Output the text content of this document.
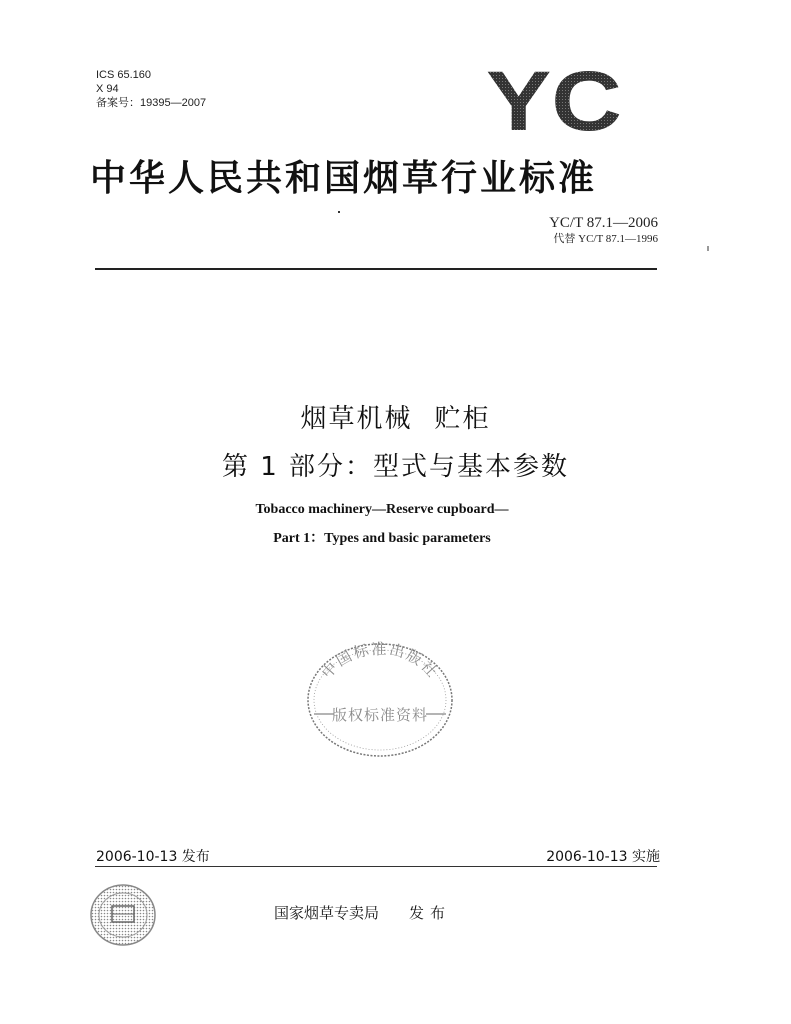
ICS 65.160
X 94
备案号：19395—2007	YC
中华人民共和国烟草行业标准
YC/T 87.1—2006
代替 YC/T 87.1—1996
烟草机械 贮柜
第 1 部分：型式与基本参数
Tobacco machinery—Reserve cupboard—
Part 1：Types and basic parameters
中国标准出版社
版权标准资料
2006-10-13 发布	2006-10-13 实施
国家烟草专卖局 发布
